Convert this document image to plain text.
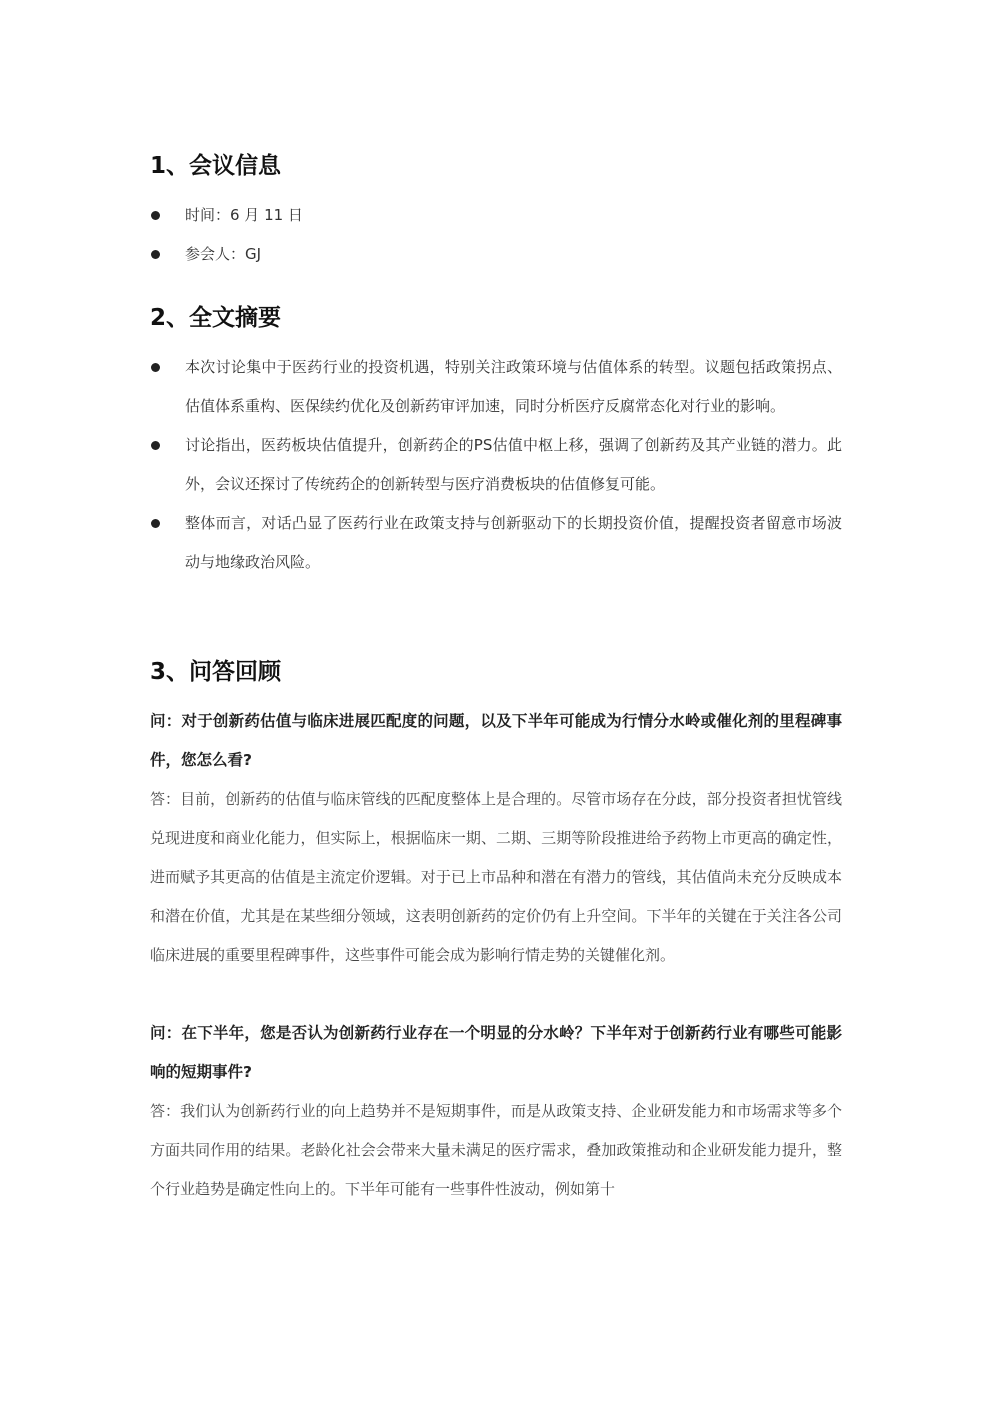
1、会议信息
时间：6 月 11 日
参会人：GJ
2、全文摘要
本次讨论集中于医药行业的投资机遇，特别关注政策环境与估值体系的转型。议题包括政策拐点、估值体系重构、医保续约优化及创新药审评加速，同时分析医疗反腐常态化对行业的影响。
讨论指出，医药板块估值提升，创新药企的PS估值中枢上移，强调了创新药及其产业链的潜力。此外，会议还探讨了传统药企的创新转型与医疗消费板块的估值修复可能。
整体而言，对话凸显了医药行业在政策支持与创新驱动下的长期投资价值，提醒投资者留意市场波动与地缘政治风险。
3、问答回顾

问：对于创新药估值与临床进展匹配度的问题，以及下半年可能成为行情分水岭或催化剂的里程碑事件，您怎么看?

答：目前，创新药的估值与临床管线的匹配度整体上是合理的。尽管市场存在分歧，部分投资者担忧管线兑现进度和商业化能力，但实际上，根据临床一期、二期、三期等阶段推进给予药物上市更高的确定性，进而赋予其更高的估值是主流定价逻辑。对于已上市品种和潜在有潜力的管线，其估值尚未充分反映成本和潜在价值，尤其是在某些细分领域，这表明创新药的定价仍有上升空间。下半年的关键在于关注各公司临床进展的重要里程碑事件，这些事件可能会成为影响行情走势的关键催化剂。

问：在下半年，您是否认为创新药行业存在一个明显的分水岭？下半年对于创新药行业有哪些可能影响的短期事件?

答：我们认为创新药行业的向上趋势并不是短期事件，而是从政策支持、企业研发能力和市场需求等多个方面共同作用的结果。老龄化社会会带来大量未满足的医疗需求，叠加政策推动和企业研发能力提升，整个行业趋势是确定性向上的。下半年可能有一些事件性波动，例如第十
